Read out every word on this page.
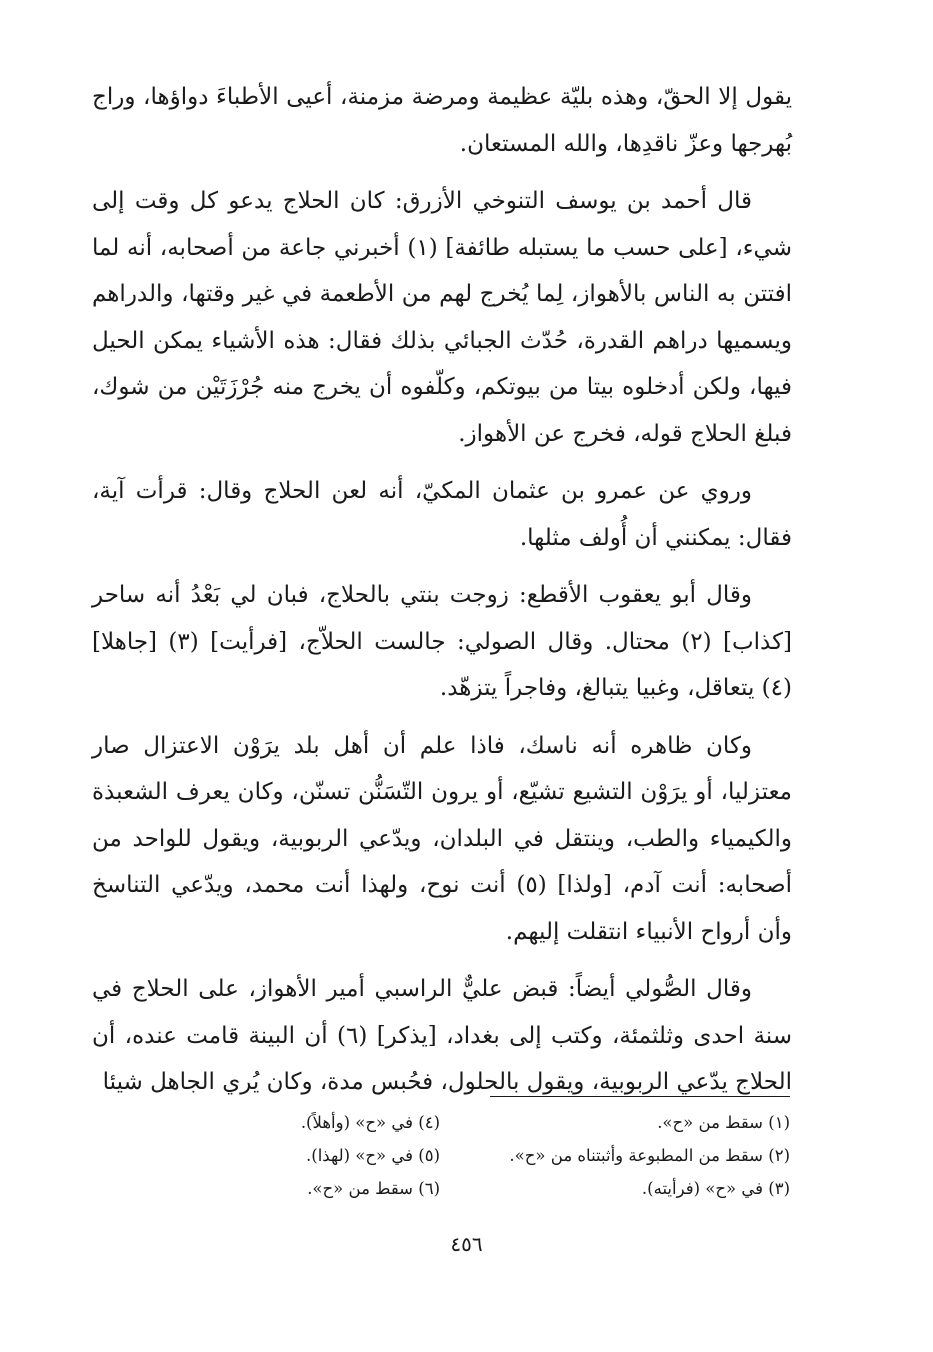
يقول إلا الحقّ، وهذه بليّة عظيمة ومرضة مزمنة، أعيى الأطباءَ دواؤها، وراج بُهرجها وعزّ ناقدِها، والله المستعان.

قال أحمد بن يوسف التنوخي الأزرق: كان الحلاج يدعو كل وقت إلى شيء، [على حسب ما يستبله طائفة] (١) أخبرني جاعة من أصحابه، أنه لما افتتن به الناس بالأهواز، لِما يُخرج لهم من الأطعمة في غير وقتها، والدراهم ويسميها دراهم القدرة، حُدّث الجبائي بذلك فقال: هذه الأشياء يمكن الحيل فيها، ولكن أدخلوه بيتا من بيوتكم، وكلّفوه أن يخرج منه جُرْزَتَيْن من شوك، فبلغ الحلاج قوله، فخرج عن الأهواز.

وروي عن عمرو بن عثمان المكيّ، أنه لعن الحلاج وقال: قرأت آية، فقال: يمكنني أن أُولف مثلها.

وقال أبو يعقوب الأقطع: زوجت بنتي بالحلاج، فبان لي بَعْدُ أنه ساحر [كذاب] (٢) محتال. وقال الصولي: جالست الحلاّج، [فرأيت] (٣) [جاهلا] (٤) يتعاقل، وغبيا يتبالغ، وفاجراً يتزهّد.

وكان ظاهره أنه ناسك، فاذا علم أن أهل بلد يرَوْن الاعتزال صار معتزليا، أو يرَوْن التشيع تشيّع، أو يرون التّسَنُّن تسنّن، وكان يعرف الشعبذة والكيمياء والطب، وينتقل في البلدان، ويدّعي الربوبية، ويقول للواحد من أصحابه: أنت آدم، [ولذا] (٥) أنت نوح، ولهذا أنت محمد، ويدّعي التناسخ وأن أرواح الأنبياء انتقلت إليهم.

وقال الصُّولي أيضاً: قبض عليٌّ الراسبي أمير الأهواز، على الحلاج في سنة احدى وثلثمئة، وكتب إلى بغداد، [يذكر] (٦) أن البينة قامت عنده، أن الحلاج يدّعي الربوبية، ويقول بالحلول، فحُبس مدة، وكان يُري الجاهل شيئا

(١) سقط من «ح».
(٢) سقط من المطبوعة وأثبتناه من «ح».
(٣) في «ح» (فرأيته).
(٤) في «ح» (وأهلاً).
(٥) في «ح» (لهذا).
(٦) سقط من «ح».
٤٥٦
